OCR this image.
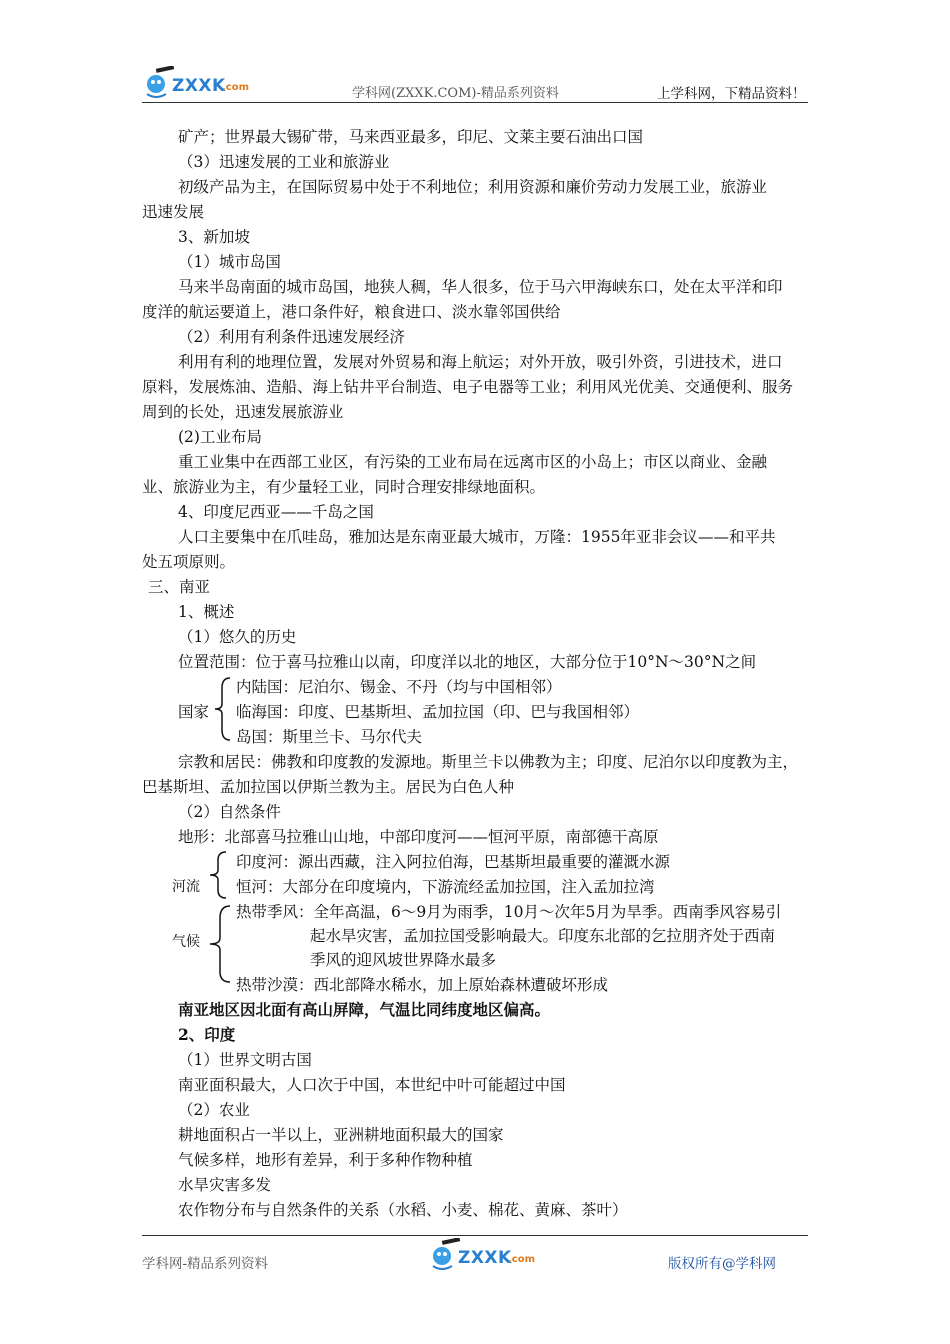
ZXXK
.com	学科网(ZXXK.COM)-精品系列资料	上学科网，下精品资料！
矿产；世界最大锡矿带，马来西亚最多，印尼、文莱主要石油出口国
（3）迅速发展的工业和旅游业
初级产品为主，在国际贸易中处于不利地位；利用资源和廉价劳动力发展工业，旅游业
迅速发展
3、新加坡
（1）城市岛国
马来半岛南面的城市岛国，地狭人稠，华人很多，位于马六甲海峡东口，处在太平洋和印
度洋的航运要道上，港口条件好，粮食进口、淡水靠邻国供给
（2）利用有利条件迅速发展经济
利用有利的地理位置，发展对外贸易和海上航运；对外开放，吸引外资，引进技术，进口
原料，发展炼油、造船、海上钻井平台制造、电子电器等工业；利用风光优美、交通便利、服务
周到的长处，迅速发展旅游业
(2)工业布局
重工业集中在西部工业区，有污染的工业布局在远离市区的小岛上；市区以商业、金融
业、旅游业为主，有少量轻工业，同时合理安排绿地面积。
4、印度尼西亚——千岛之国
人口主要集中在爪哇岛，雅加达是东南亚最大城市，万隆：1955年亚非会议——和平共
处五项原则。
三、南亚
1、概述
（1）悠久的历史
位置范围：位于喜马拉雅山以南，印度洋以北的地区，大部分位于10°N～30°N之间
国家
内陆国：尼泊尔、锡金、不丹（均与中国相邻）
临海国：印度、巴基斯坦、孟加拉国（印、巴与我国相邻）
岛国：斯里兰卡、马尔代夫
宗教和居民：佛教和印度教的发源地。斯里兰卡以佛教为主；印度、尼泊尔以印度教为主，
巴基斯坦、孟加拉国以伊斯兰教为主。居民为白色人种
（2）自然条件
地形：北部喜马拉雅山山地，中部印度河——恒河平原，南部德干高原
河流
印度河：源出西藏，注入阿拉伯海，巴基斯坦最重要的灌溉水源
恒河：大部分在印度境内，下游流经孟加拉国，注入孟加拉湾
气候
热带季风：全年高温，6～9月为雨季，10月～次年5月为旱季。西南季风容易引
起水旱灾害，孟加拉国受影响最大。印度东北部的乞拉朋齐处于西南
季风的迎风坡世界降水最多
热带沙漠：西北部降水稀水，加上原始森林遭破坏形成
南亚地区因北面有高山屏障，气温比同纬度地区偏高。
2、印度
（1）世界文明古国
南亚面积最大，人口次于中国，本世纪中叶可能超过中国
（2）农业
耕地面积占一半以上，亚洲耕地面积最大的国家
气候多样，地形有差异，利于多种作物种植
水旱灾害多发
农作物分布与自然条件的关系（水稻、小麦、棉花、黄麻、茶叶）
学科网-精品系列资料	ZXXK
.com	版权所有@学科网
